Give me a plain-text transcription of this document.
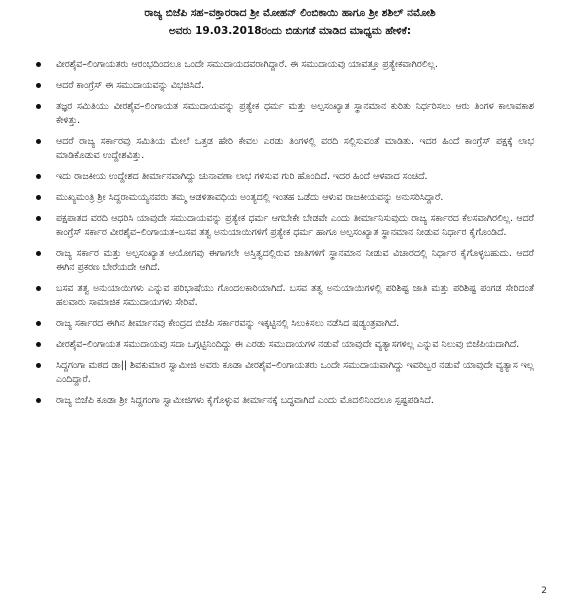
ರಾಜ್ಯ ಬಿಜೆಪಿ ಸಹ–ವಕ್ತಾರರಾದ ಶ್ರೀ ಮೋಹನ್ ಲಿಂಬಿಕಾಯಿ ಹಾಗೂ ಶ್ರೀ ಶಶಿಲ್ ನಮೋಶಿ
ಅವರು 19.03.2018ರಂದು ಬಿಡುಗಡೆ ಮಾಡಿದ ಮಾಧ್ಯಮ ಹೇಳಿಕೆ:
ವೀರಶೈವ–ಲಿಂಗಾಯತರು ಆರಂಭದಿಂದಲೂ ಒಂದೇ ಸಮುದಾಯದವರಾಗಿದ್ದಾರೆ. ಈ ಸಮುದಾಯವು ಯಾವತ್ತೂ ಪ್ರತ್ಯೇಕವಾಗಿರಲಿಲ್ಲ.
ಆದರೆ ಕಾಂಗ್ರೆಸ್ ಈ ಸಮುದಾಯವನ್ನು ವಿಭಜಿಸಿದೆ.
ತಜ್ಞರ ಸಮಿತಿಯು ವೀರಶೈವ–ಲಿಂಗಾಯತ ಸಮುದಾಯವನ್ನು ಪ್ರತ್ಯೇಕ ಧರ್ಮ ಮತ್ತು ಅಲ್ಪಸಂಖ್ಯಾತ ಸ್ಥಾನಮಾನ ಕುರಿತು ನಿರ್ಧರಿಸಲು ಆರು ತಿಂಗಳ ಕಾಲಾವಕಾಶ ಕೇಳಿತ್ತು.
ಆದರೆ ರಾಜ್ಯ ಸರ್ಕಾರವು ಸಮಿತಿಯ ಮೇಲೆ ಒತ್ತಡ ಹೇರಿ ಕೇವಲ ಎರಡು ತಿಂಗಳಲ್ಲಿ ವರದಿ ಸಲ್ಲಿಸುವಂತೆ ಮಾಡಿತು. ಇದರ ಹಿಂದೆ ಕಾಂಗ್ರೆಸ್ ಪಕ್ಷಕ್ಕೆ ಲಾಭ ಮಾಡಿಕೊಡುವ ಉದ್ದೇಶವಿತ್ತು.
ಇದು ರಾಜಕೀಯ ಉದ್ದೇಶದ ತೀರ್ಮಾನವಾಗಿದ್ದು ಚುನಾವಣಾ ಲಾಭ ಗಳಿಸುವ ಗುರಿ ಹೊಂದಿದೆ. ಇದರ ಹಿಂದೆ ಆಳವಾದ ಸಂಚಿದೆ.
ಮುಖ್ಯಮಂತ್ರಿ ಶ್ರೀ ಸಿದ್ದರಾಮಯ್ಯನವರು ತಮ್ಮ ಆಡಳಿತಾವಧಿಯ ಅಂತ್ಯದಲ್ಲಿ ಇಂತಹ ಒಡೆದು ಆಳುವ ರಾಜಕೀಯವನ್ನು ಅನುಸರಿಸಿದ್ದಾರೆ.
ಪಕ್ಷಪಾತದ ವರದಿ ಆಧರಿಸಿ ಯಾವುದೇ ಸಮುದಾಯವನ್ನು ಪ್ರತ್ಯೇಕ ಧರ್ಮ ಆಗಬೇಕೇ ಬೇಡವೇ ಎಂದು ತೀರ್ಮಾನಿಸುವುದು ರಾಜ್ಯ ಸರ್ಕಾರದ ಕೆಲಸವಾಗಿರಲಿಲ್ಲ. ಆದರೆ ಕಾಂಗ್ರೆಸ್ ಸರ್ಕಾರ ವೀರಶೈವ–ಲಿಂಗಾಯತ–ಬಸವ ತತ್ವ ಅನುಯಾಯಿಗಳಿಗೆ ಪ್ರತ್ಯೇಕ ಧರ್ಮ ಹಾಗೂ ಅಲ್ಪಸಂಖ್ಯಾತ ಸ್ಥಾನಮಾನ ನೀಡುವ ನಿರ್ಧಾರ ಕೈಗೊಂಡಿದೆ.
ರಾಜ್ಯ ಸರ್ಕಾರ ಮತ್ತು ಅಲ್ಪಸಂಖ್ಯಾತ ಆಯೋಗವು ಈಗಾಗಲೇ ಅಸ್ತಿತ್ವದಲ್ಲಿರುವ ಜಾತಿಗಳಿಗೆ ಸ್ಥಾನಮಾನ ನೀಡುವ ವಿಚಾರದಲ್ಲಿ ನಿರ್ಧಾರ ಕೈಗೊಳ್ಳಬಹುದು. ಆದರೆ ಈಗಿನ ಪ್ರಕರಣ ಬೇರೆಯದೇ ಆಗಿದೆ.
ಬಸವ ತತ್ವ ಅನುಯಾಯಿಗಳು ಎನ್ನುವ ಪರಿಭಾಷೆಯು ಗೊಂದಲಕಾರಿಯಾಗಿದೆ. ಬಸವ ತತ್ವ ಅನುಯಾಯಿಗಳಲ್ಲಿ ಪರಿಶಿಷ್ಟ ಜಾತಿ ಮತ್ತು ಪರಿಶಿಷ್ಟ ಪಂಗಡ ಸೇರಿದಂತೆ ಹಲವಾರು ಸಾಮಾಜಿಕ ಸಮುದಾಯಗಳು ಸೇರಿವೆ.
ರಾಜ್ಯ ಸರ್ಕಾರದ ಈಗಿನ ತೀರ್ಮಾನವು ಕೇಂದ್ರದ ಬಿಜೆಪಿ ಸರ್ಕಾರವನ್ನು ಇಕ್ಕಟ್ಟಿನಲ್ಲಿ ಸಿಲುಕಿಸಲು ನಡೆಸಿದ ಷಡ್ಯಂತ್ರವಾಗಿದೆ.
ವೀರಶೈವ–ಲಿಂಗಾಯತ ಸಮುದಾಯವು ಸದಾ ಒಗ್ಗಟ್ಟಿನಿಂದಿದ್ದು ಈ ಎರಡು ಸಮುದಾಯಗಳ ನಡುವೆ ಯಾವುದೇ ವ್ಯತ್ಯಾಸಗಳಿಲ್ಲ ಎನ್ನುವ ನಿಲುವು ಬಿಜೆಪಿಯದಾಗಿದೆ.
ಸಿದ್ದಗಂಗಾ ಮಠದ ಡಾ|| ಶಿವಕುಮಾರ ಸ್ವಾಮೀಜಿ ಅವರು ಕೂಡಾ ವೀರಶೈವ–ಲಿಂಗಾಯತರು ಒಂದೇ ಸಮುದಾಯವಾಗಿದ್ದು ಇವರಿಬ್ಬರ ನಡುವೆ ಯಾವುದೇ ವ್ಯತ್ಯಾಸ ಇಲ್ಲ ಎಂದಿದ್ದಾರೆ.
ರಾಜ್ಯ ಬಿಜೆಪಿ ಕೂಡಾ ಶ್ರೀ ಸಿದ್ದಗಂಗಾ ಸ್ವಾಮೀಜಿಗಳು ಕೈಗೊಳ್ಳುವ ತೀರ್ಮಾನಕ್ಕೆ ಬದ್ಧವಾಗಿದೆ ಎಂದು ಮೊದಲಿನಿಂದಲೂ ಸ್ಪಷ್ಟಪಡಿಸಿದೆ.
2
